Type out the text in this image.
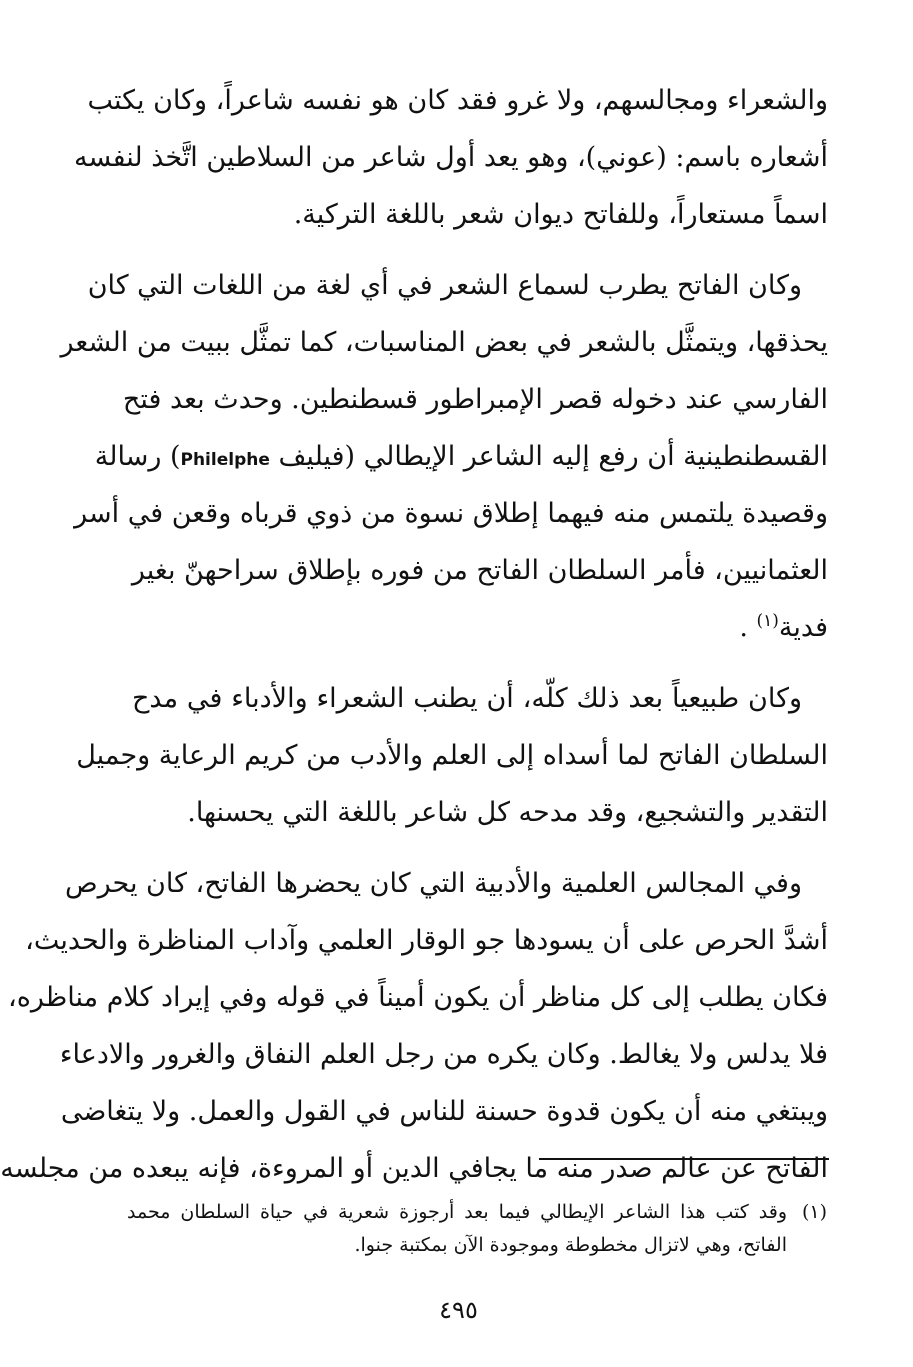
والشعراء ومجالسهم، ولا غرو فقد كان هو نفسه شاعراً، وكان يكتب
أشعاره باسم: (عوني)، وهو يعد أول شاعر من السلاطين اتَّخذ لنفسه
اسماً مستعاراً، وللفاتح ديوان شعر باللغة التركية.
وكان الفاتح يطرب لسماع الشعر في أي لغة من اللغات التي كان
يحذقها، ويتمثَّل بالشعر في بعض المناسبات، كما تمثَّل ببيت من الشعر
الفارسي عند دخوله قصر الإمبراطور قسطنطين. وحدث بعد فتح
القسطنطينية أن رفع إليه الشاعر الإيطالي (فيليف Philelphe) رسالة
وقصيدة يلتمس منه فيهما إطلاق نسوة من ذوي قرباه وقعن في أسر
العثمانيين، فأمر السلطان الفاتح من فوره بإطلاق سراحهنّ بغير
فدية$^{(١)}$ .
وكان طبيعياً بعد ذلك كلّه، أن يطنب الشعراء والأدباء في مدح
السلطان الفاتح لما أسداه إلى العلم والأدب من كريم الرعاية وجميل
التقدير والتشجيع، وقد مدحه كل شاعر باللغة التي يحسنها.
وفي المجالس العلمية والأدبية التي كان يحضرها الفاتح، كان يحرص
أشدَّ الحرص على أن يسودها جو الوقار العلمي وآداب المناظرة والحديث،
فكان يطلب إلى كل مناظر أن يكون أميناً في قوله وفي إيراد كلام مناظره،
فلا يدلس ولا يغالط. وكان يكره من رجل العلم النفاق والغرور والادعاء
ويبتغي منه أن يكون قدوة حسنة للناس في القول والعمل. ولا يتغاضى
الفاتح عن عالم صدر منه ما يجافي الدين أو المروءة، فإنه يبعده من مجلسه
(١)وقد كتب هذا الشاعر الإيطالي فيما بعد أرجوزة شعرية في حياة السلطان محمد
الفاتح، وهي لاتزال مخطوطة وموجودة الآن بمكتبة جنوا.
٤٩٥
